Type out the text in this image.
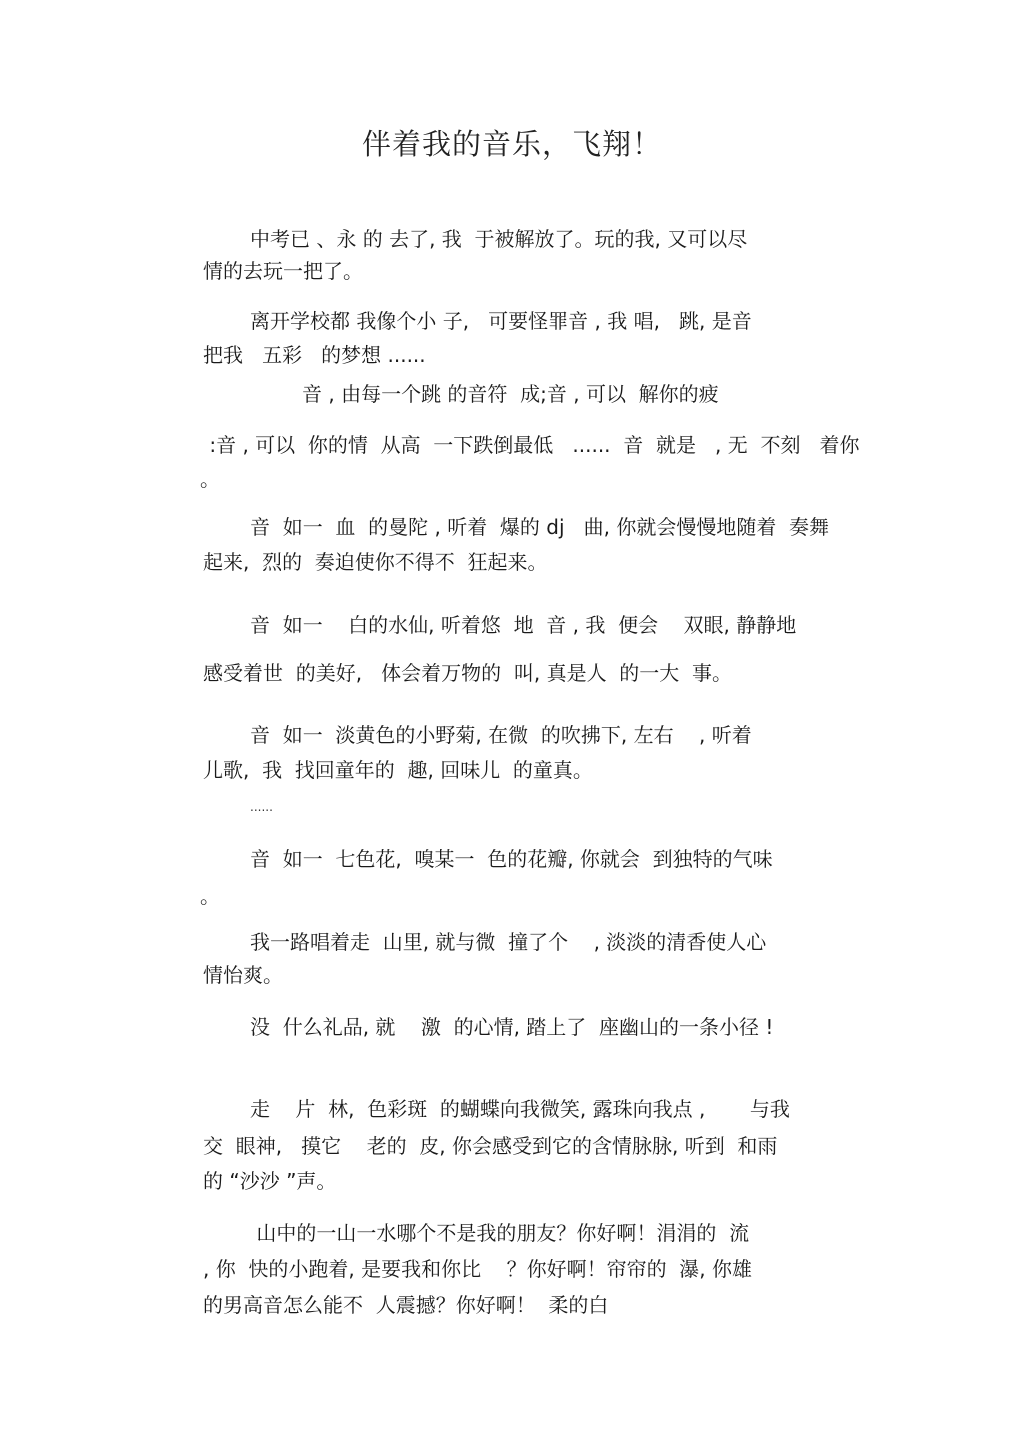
伴着我的音乐，飞翔！
中考已 、永 的 去了, 我  于被解放了。玩的我, 又可以尽
情的去玩一把了。
离开学校都 我像个小 子,   可要怪罪音 , 我 唱,   跳, 是音
把我   五彩   的梦想 ......
音 , 由每一个跳 的音符  成;音 , 可以  解你的疲
:音 , 可以  你的情  从高  一下跌倒最低   ......  音  就是   , 无  不刻   着你
。
音  如一  血  的曼陀 , 听着  爆的 dj   曲, 你就会慢慢地随着  奏舞
起来,  烈的  奏迫使你不得不  狂起来。
音  如一    白的水仙, 听着悠  地  音 , 我  便会    双眼, 静静地
感受着世  的美好,   体会着万物的  叫, 真是人  的一大  事。
音  如一  淡黄色的小野菊, 在微  的吹拂下, 左右    , 听着
儿歌,  我  找回童年的  趣, 回味儿  的童真。
......
音  如一  七色花,  嗅某一  色的花瓣, 你就会  到独特的气味
。
我一路唱着走  山里, 就与微  撞了个    , 淡淡的清香使人心
情怡爽。
没  什么礼品, 就    激  的心情, 踏上了  座幽山的一条小径 !
走    片  林,  色彩斑  的蝴蝶向我微笑, 露珠向我点 ,       与我
交  眼神,   摸它    老的  皮, 你会感受到它的含情脉脉, 听到  和雨
的 “沙沙 ”声。
山中的一山一水哪个不是我的朋友？你好啊！涓涓的  流
, 你  快的小跑着, 是要我和你比    ？你好啊！帘帘的  瀑, 你雄
的男高音怎么能不  人震撼？你好啊！  柔的白
